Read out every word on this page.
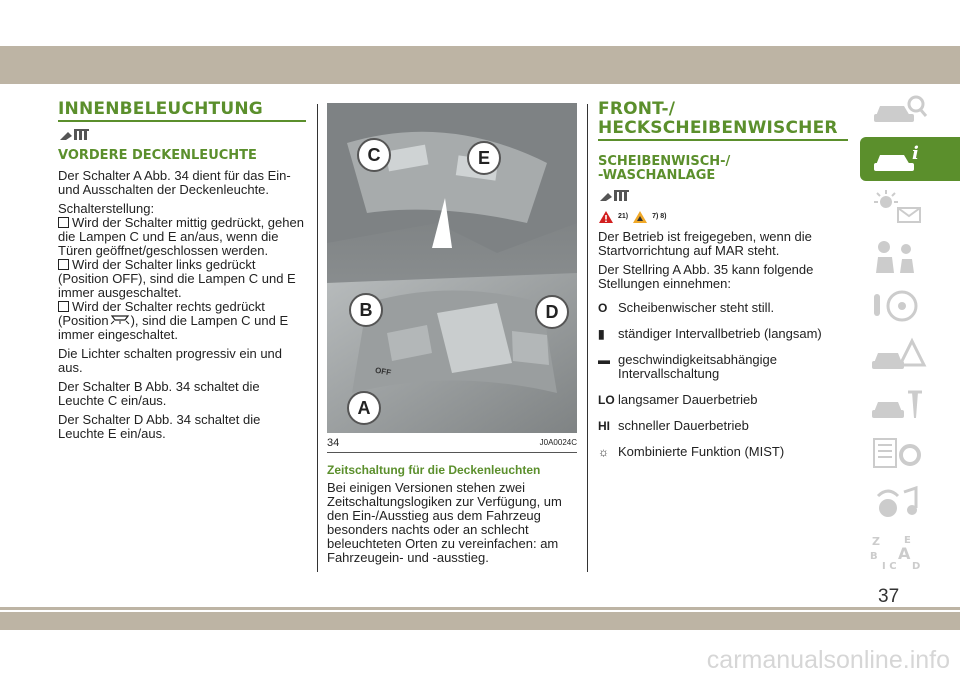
INNENBELEUCHTUNG
VORDERE DECKENLEUCHTE

Der Schalter A Abb. 34 dient für das Ein- und Ausschalten der Deckenleuchte.

Schalterstellung:

Wird der Schalter mittig gedrückt, gehen die Lampen C und E an/aus, wenn die Türen geöffnet/geschlossen werden.

Wird der Schalter links gedrückt (Position OFF), sind die Lampen C und E immer ausgeschaltet.

Wird der Schalter rechts gedrückt (Position ), sind die Lampen C und E immer eingeschaltet.

Die Lichter schalten progressiv ein und aus.

Der Schalter B Abb. 34 schaltet die Leuchte C ein/aus.

Der Schalter D Abb. 34 schaltet die Leuchte E ein/aus.

C	E
B	D
A
OFF
34	J0A0024C
Zeitschaltung für die Deckenleuchten

Bei einigen Versionen stehen zwei Zeitschaltungslogiken zur Verfügung, um den Ein-/Ausstieg aus dem Fahrzeug besonders nachts oder an schlecht beleuchteten Orten zu vereinfachen: am Fahrzeugein- und -ausstieg.

FRONT-/
HECKSCHEIBENWISCHER
SCHEIBENWISCH-/
-WASCHANLAGE
21)	7) 8)

Der Betrieb ist freigegeben, wenn die Startvorrichtung auf MAR steht.

Der Stellring A Abb. 35 kann folgende Stellungen einnehmen:

O Scheibenwischer steht still.
▮	ständiger Intervallbetrieb (langsam)
▬ geschwindigkeitsabhängige Intervallschaltung
LO langsamer Dauerbetrieb
HI schneller Dauerbetrieb
☼ Kombinierte Funktion (MIST)
i
Z E
B A
I C D
37
carmanualsonline.info
